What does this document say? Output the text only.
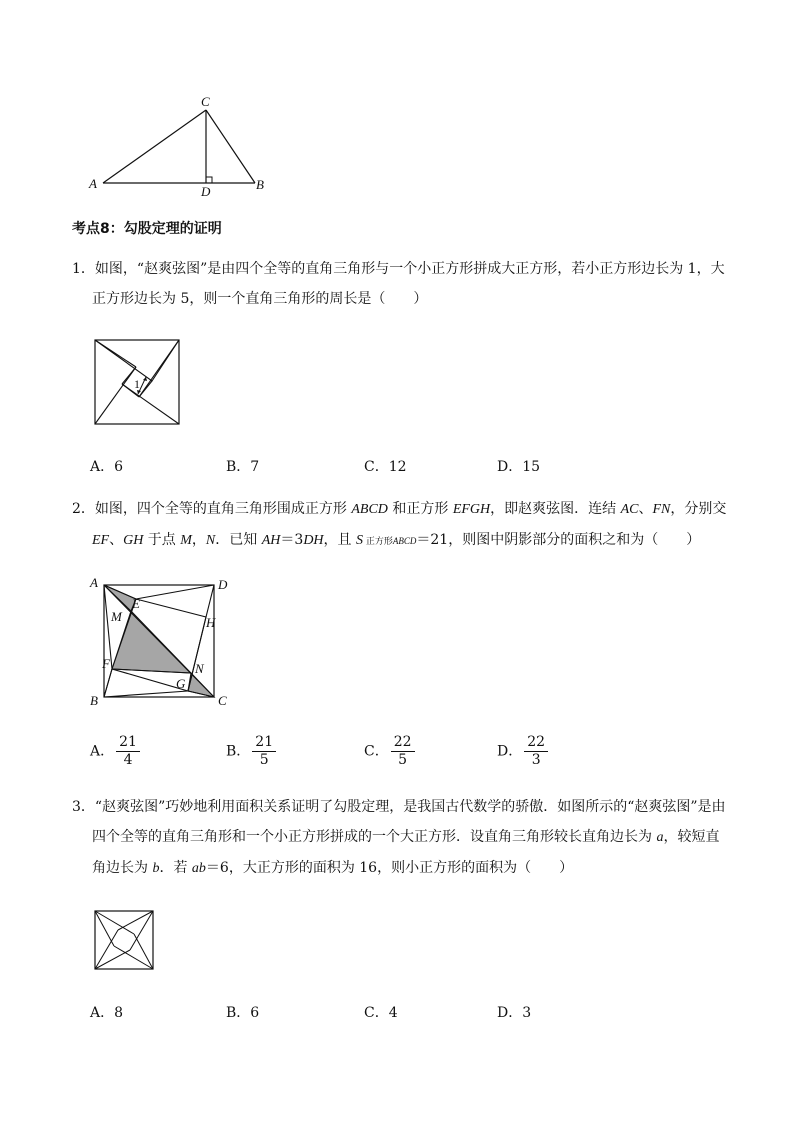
C
A	B
D
考点8：勾股定理的证明
1．如图，“赵爽弦图”是由四个全等的直角三角形与一个小正方形拼成大正方形，若小正方形边长为 1，大
正方形边长为 5，则一个直角三角形的周长是（　　）
1
A．6	B．7	C．12	D．15
2．如图，四个全等的直角三角形围成正方形 ABCD 和正方形 EFGH，即赵爽弦图．连结 AC、FN，分别交
EF、GH 于点 M，N．已知 AH＝3DH，且 S 正方形ABCD＝21，则图中阴影部分的面积之和为（　　）
A	D
E
M	H
F	N
G
B	C
A． $\frac{21}{4}$	B． $\frac{21}{5}$	C． $\frac{22}{5}$	D． $\frac{22}{3}$
3．“赵爽弦图”巧妙地利用面积关系证明了勾股定理，是我国古代数学的骄傲．如图所示的“赵爽弦图”是由
四个全等的直角三角形和一个小正方形拼成的一个大正方形．设直角三角形较长直角边长为 a，较短直
角边长为 b．若 ab＝6，大正方形的面积为 16，则小正方形的面积为（　　）
A．8	B．6	C．4	D．3
